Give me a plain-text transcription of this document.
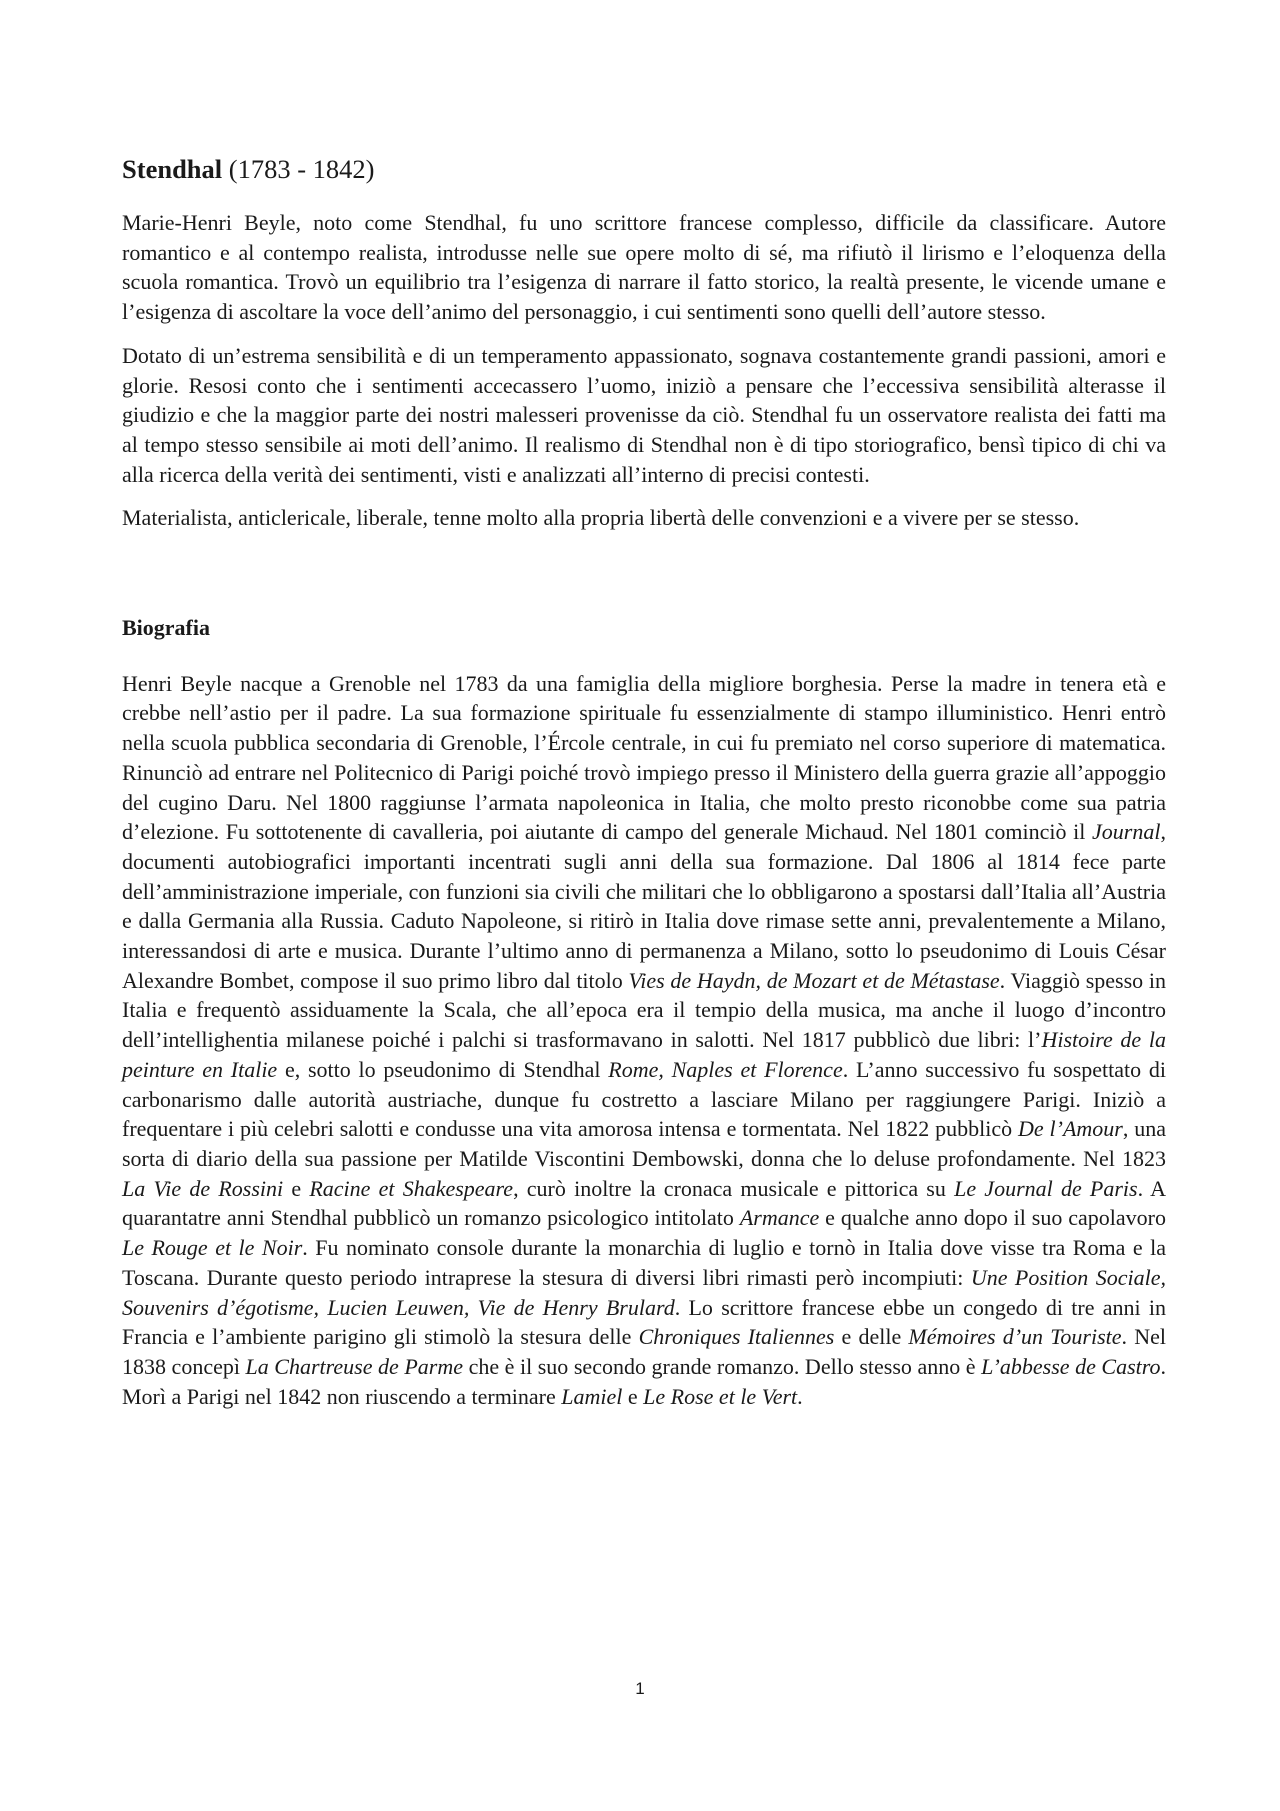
Stendhal (1783 - 1842)

Marie-Henri Beyle, noto come Stendhal, fu uno scrittore francese complesso, difficile da classificare. Autore romantico e al contempo realista, introdusse nelle sue opere molto di sé, ma rifiutò il lirismo e l’eloquenza della scuola romantica. Trovò un equilibrio tra l’esigenza di narrare il fatto storico, la realtà presente, le vicende umane e l’esigenza di ascoltare la voce dell’animo del personaggio, i cui sentimenti sono quelli dell’autore stesso.

Dotato di un’estrema sensibilità e di un temperamento appassionato, sognava costantemente grandi passioni, amori e glorie. Resosi conto che i sentimenti accecassero l’uomo, iniziò a pensare che l’eccessiva sensibilità alterasse il giudizio e che la maggior parte dei nostri malesseri provenisse da ciò. Stendhal fu un osservatore realista dei fatti ma al tempo stesso sensibile ai moti dell’animo. Il realismo di Stendhal non è di tipo storiografico, bensì tipico di chi va alla ricerca della verità dei sentimenti, visti e analizzati all’interno di precisi contesti.

Materialista, anticlericale, liberale, tenne molto alla propria libertà delle convenzioni e a vivere per se stesso.

Biografia

Henri Beyle nacque a Grenoble nel 1783 da una famiglia della migliore borghesia. Perse la madre in tenera età e crebbe nell’astio per il padre. La sua formazione spirituale fu essenzialmente di stampo illuministico. Henri entrò nella scuola pubblica secondaria di Grenoble, l’Ércole centrale, in cui fu premiato nel corso superiore di matematica. Rinunciò ad entrare nel Politecnico di Parigi poiché trovò impiego presso il Ministero della guerra grazie all’appoggio del cugino Daru. Nel 1800 raggiunse l’armata napoleonica in Italia, che molto presto riconobbe come sua patria d’elezione. Fu sottotenente di cavalleria, poi aiutante di campo del generale Michaud. Nel 1801 cominciò il Journal, documenti autobiografici importanti incentrati sugli anni della sua formazione. Dal 1806 al 1814 fece parte dell’amministrazione imperiale, con funzioni sia civili che militari che lo obbligarono a spostarsi dall’Italia all’Austria e dalla Germania alla Russia. Caduto Napoleone, si ritirò in Italia dove rimase sette anni, prevalentemente a Milano, interessandosi di arte e musica. Durante l’ultimo anno di permanenza a Milano, sotto lo pseudonimo di Louis César Alexandre Bombet, compose il suo primo libro dal titolo Vies de Haydn, de Mozart et de Métastase. Viaggiò spesso in Italia e frequentò assiduamente la Scala, che all’epoca era il tempio della musica, ma anche il luogo d’incontro dell’intellighentia milanese poiché i palchi si trasformavano in salotti. Nel 1817 pubblicò due libri: l’Histoire de la peinture en Italie e, sotto lo pseudonimo di Stendhal Rome, Naples et Florence. L’anno successivo fu sospettato di carbonarismo dalle autorità austriache, dunque fu costretto a lasciare Milano per raggiungere Parigi. Iniziò a frequentare i più celebri salotti e condusse una vita amorosa intensa e tormentata. Nel 1822 pubblicò De l’Amour, una sorta di diario della sua passione per Matilde Viscontini Dembowski, donna che lo deluse profondamente. Nel 1823 La Vie de Rossini e Racine et Shakespeare, curò inoltre la cronaca musicale e pittorica su Le Journal de Paris. A quarantatre anni Stendhal pubblicò un romanzo psicologico intitolato Armance e qualche anno dopo il suo capolavoro Le Rouge et le Noir. Fu nominato console durante la monarchia di luglio e tornò in Italia dove visse tra Roma e la Toscana. Durante questo periodo intraprese la stesura di diversi libri rimasti però incompiuti: Une Position Sociale, Souvenirs d’égotisme, Lucien Leuwen, Vie de Henry Brulard. Lo scrittore francese ebbe un congedo di tre anni in Francia e l’ambiente parigino gli stimolò la stesura delle Chroniques Italiennes e delle Mémoires d’un Touriste. Nel 1838 concepì La Chartreuse de Parme che è il suo secondo grande romanzo. Dello stesso anno è L’abbesse de Castro. Morì a Parigi nel 1842 non riuscendo a terminare Lamiel e Le Rose et le Vert.

1
